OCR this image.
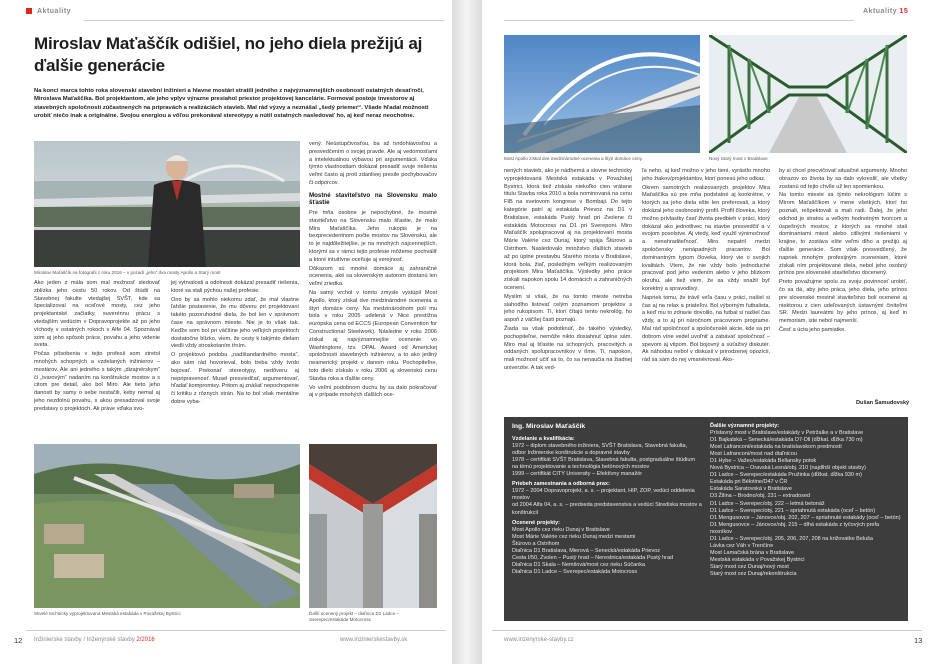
Aktuality	Aktuality 15
Miroslav Maťaščík odišiel, no jeho diela prežijú aj ďalšie generácie
Na konci marca tohto roka slovenskí stavební inžinieri a hlavne mostári stratili jedného z najvýznamnejších osobností ostatných desaťročí, Miroslava Maťaščíka. Bol projektantom, ale jeho vplyv výrazne presiahol priestor projektovej kancelárie. Formoval postoje investorov aj stavebných spoločností zúčastnených na prípravách a realizáciách stavieb. Mal rád výzvy a neznášal „šedý priemer“. Všade hľadal možnosti urobiť niečo inak a originálne. Svojou energiou a vôľou prekonával stereotypy a nútil ostatných nasledovať ho, aj keď neraz neochotne.
Miroslav Maťaščík na fotografii z roku 2016 – v pozadí „jeho“ dva mosty Apollo a Starý most

Ako jeden z mála som mal možnosť sledovať zblízka jeho cestu 50 rokov. Od štúdií na Stavebnej fakulte vtedajšej SVŠT, kde sa špecializoval na oceľové mosty, cez jeho projektantské začiatky, suverénnu prácu s vtedajším vedúcim v Dopravoprojekte až po jeho víchody v ostatných rokoch v Alfe 04. Spoznával som aj jeho spôsob práce, povahu a jeho videnie sveta.

Počas pôsobenia v tejto profesii som stretol mnohých schopných a vzdelaných inžinierov – mostárov. Ale ani jedného s takým „dizajnérskym“ či „tvarovým“ nadaním na konštrukcie mostov a s citom pre detail, ako bol Miro. Ale tieto jeho danosti by samy o sebe nestačili, keby nemal aj jeho nezdolnú povahu, s akou presadzoval svoje predstavy o projektoch. Ak práve vďaka svo-

jej vytrvalosti a odolnosti dokázal presadiť riešenia, ktoré sa stali pýchou našej profesie.

Ono by sa mohlo niekomu zdať, že mal vlastne ľahšie postavenie, že mu dôveru pri projektovaní takéto pozoruhodné diela, že bol len v správnom čase na správnom mieste. Nie je to však tak. Keďže som bol pri väčšine jeho veľkých projektoch dostatočne blízko, viem, že cesty k takýmto dielam viedli vždy stroskotaním tŕním.

O projektovú podobu „nadštandardného mosta“, ako sám rád hovorieval, bolo treba vždy tvrdo bojovať. Prekonať stereotypy, nedôveru aj nepripravenosť. Musel presviedčať, argumentovať, hľadať kompromisy. Pritom aj znášať nepochopenie či kritiku z rôznych strán. Na to bol však mentálne dobre vyba-

vený. Neústupčivosťou, ba až tvrdohlavosťou a presvedčením o svojej pravde. Ale aj vedomosťami a intelektuálnou výbavou pri argumentácii. Vďaka týmto vlastnostiam dokázal presadiť svoje riešenia veľmi často aj proti zdanlivej presile pochybovačov či odporcov.

Mostné staviteľstvo na Slovensku malo šťastie

Pre mňa osobne je nepochybné, že mostné staviteľstvo na Slovensku malo šťastie, že malo Mira Maťaščíka. Jeho rukopis je na bezprecedentnom počte mostov na Slovensku, ale to je najdôležitejšie, je na mnohých najcennejších, ktorými sa v rámci tejto profesie môžeme pochváliť a ktoré intuitívne oceňuje aj verejnosť.

Dôkazom sú mnohé domáce aj zahraničné ocenenia, aké sa slovenským autorom dostanú len veľmi zriedka.

Na samý vrchol v tomto zmysle vystúpil Most Apollo, ktorý získal dve medzinárodné ocenenia a štyri domáce ceny. Na medzinárodnom poli mu bola v roku 2005 udelená v Nice prestížna európska cena od ECCS (European Convention for Constructional Steelwork). Následne v roku 2006 získal aj najvýznamnejšie ocenenie vo Washingtone, tzv. OPAL Award od Americkej spoločnosti stavebných inžinierov, a to ako jediný neamerický projekt v danom roku. Pochopiteľne, toto dielo získalo v roku 2006 aj slovenskú cenu Stavba roka a ďalšie ceny.

Vo veľmi podobnom duchu by sa dalo pokračovať aj v prípade mnohých ďalších oce-

Skvelé technicky vyprojektovaná Mestská estakáda v Považskej Bystrici	Ďalší ocenený projekt – diaľnica D1 Ladce – Sverepec/estakáda Motocross
Most Apollo získal dve medzinárodné ocenenia a štyri domáce ceny.	Nový Starý most v Bratislave

nených stavieb, ako je nádherná a slovne technicky vyprojektovaná Mestská estakáda v Považskej Bystrici, ktorá tiež získala niekoľko cien vrátane titulu Stavba roka 2010 a bola nominovaná na cenu FIB na svetovom kongrese v Bombaji. Do tejto kategórie patrí aj estakáda Prievoz na D1 v Bratislave, estakáda Pustý hrad pri Zvolene či estakáda Motocross na D1 pri Svereponi. Miro Maťaščík spolupracoval aj na projektovaní mosta Márie Valérie cez Dunaj, ktorý spája Štúrovo a Ostrihom. Nasledovalo množstvo ďalších stavieb až po úplne prestavbu Starého mosta v Bratislave, ktorá bola, žiaľ, posledným veľkým realizovaným projektom Mira Maťaščíka. Výsledky jeho práce získali napokon spolu 14 domácich a zahraničných ocenení.

Myslím si však, že na tomto mieste netreba siahodlho listovať celým zoznamom projektov s jeho rukopisom. Ti, ktorí čítajú tento nekrológ, ho aspoň z väčšej časti poznajú.

Žiada sa však podotknúť, že takého výsledky, pochopiteľne, nemôže nikto dosiahnuť úplne sám. Miro mal aj šťastie na schopných, pracovitých a oddaných spolupracovníkov v tíme. Ti, napokon, mali možnosť učiť sa to, čo sa nenaučia na žiadnej univerzite. A tak ved-

ľa neho, aj keď možno v jeho tieni, vyrástlo mnoho jeho žiakov/projektantov, ktorí ponesú jeho odkaz.

Okrem samotných realizovaných projektov Mira Maťaščíka sú pre mňa podstatné aj konkrétne, v ktorých sa jeho diela ešte len preferovali, a ktorý dokázal jeho osobnostný profil. Profil človeka, ktorý možno prívlastky časť života predbieh v práci, ktorý dokázal ako jednotlivec na stavbe presvedčiť a v svojom posolstve. Aj vtedy, keď využil výnimočnosť a nenahraditeľnosť. Miro nepatril medzi spoločensky nenápadných pracantov. Bol dominantným typom človeka, ktorý vie o svojich kvalitách. Vtem, že nie vždy bolo jednoduché pracovať pod jeho vedením alebo v jeho blízkom okruhu, ale tiež viem, že sa vždy snažil byť korektný a spravodlivý.

Napriek tomu, že trávil veľa času v práci, našiel si čas aj na relax a priateľov. Bol výborným futbalista, a keď mu to zdravie dovolilo, na futbal si našiel čas vždy, a to aj pri náročnom pracovnom programe. Mal rád spoločnosť a spoločenské akcie, kde sa pri dobrom víne vedel uvoľniť a zabávať spoločnosť – spevom aj vtipom. Bol bojovný a súťaživý diskutér. Ak náhodou nebol v diskusii v prirodzenej opozícii, rád sa sám do nej vmanévroval. Ako-

by si chcel precvičovať situačné argumenty. Mnoho obrazov zo života by sa dalo vykresliť, ale všetky zostanú od tejto chvíle už len spomienkou.

Na tomto mieste sa týmto nekrológom lúčim s Mirom Maťaščíkom v mene všetkých, ktorí ho poznali, rešpektovali a mali radi. Ďalej, že jeho odchod je stratou a veľkým hodnotným tvorcom a úspešných mostov, z ktorých sa mnohé stali dominantami miest alebo citlivými riešeniami v krajine, to zostáva ešte veľmi dlho a prežijú aj ďalšie generácie. Som však presvedčený, že napriek mnohým profesijným oceneniam, ktoré získali ním projektované diela, nebol jeho osobný prínos pre slovenské staviteľstvo docenený.

Preto považujme spolu za svoju povinnosť urobiť, čo sa dá, aby jeho práca, jeho diela, jeho prínos pre slovenské mostné staviteľstvo boli ocenené aj niektorou z cien udeľovaných ústavnými činiteľmi SR. Medzi laureátmi by jeho prínos, aj keď in memoriam, iste nebol najmenší.

Česť a úcta jeho pamiatke.

Dušan Šamudovský
Ing. Miroslav Maťaščík
Vzdelanie a kvalifikácia:
1972 – diplom stavebného inžiniera, SVŠT Bratislava, Stavebná fakulta, odbor Inžinierske konštrukcie a dopravné stavby
1978 – certifikát SVŠT Bratislava, Stavebná fakulta, postgraduálne štúdium na témú projektovanie a technológia betónových mostov
1999 – certifikát CITY University – Efektívny manažér
Priebeh zamestnania a odborná prax:
1972 – 2004 Dopravoprojekt, a. s. – projektant, HIP, ZOP, vedúci oddelenia mostov
od 2004 Alfa 04, a. s. – predseda predstavenstva a vedúci Strediska mostov a konštrukcií
Ocenené projekty:
Most Apollo cez rieku Dunaj v Bratislave
Most Márie Valérie cez rieku Dunaj medzi mestami
Štúrovo a Ostrihom
Diaľnica D1 Bratislava, Mierová – Senecká/estakáda Prievoz
Cesta I/50, Zvolen – Pustý hrad – Nerestnica/estakáda Pustý hrad
Diaľnica D1 Skala – Nemšová/most cez rieku Súčanka
Diaľnica D1 Ladce – Sverepec/estakáda Motocross
Ďalšie významné projekty:
Prístavný most v Bratislave/estakády v Petržalke a v Bratislave
D1 Bajkalská – Senecká/estakáda D7-Dll (dĺžkat. dĺžka 730 m)
Most Lafranconi/estakáda na bratislavskom predmostí
Most Lafranconi/most nad diaľnicou
D1 Hybe – Važec/estakáda Bellansky potok
Nová Bystrica – Oravská Lesná/obj. 210 (najdlhší objekt stavby)
D1 Ladce – Sverepec/estakáda Pružinka (dĺžkat. dĺžka 930 m)
Estakáda pri Bélotine/D47 v ČR
Estakáda Saratovská v Bratislave
D3 Žilina – Brodno/obj. 231 – extradosed
D1 Ladce – Sverepec/obj. 222 – letmá betonáž
D1 Ladce – Sverepec/obj. 221 – spriahnutá estakáda (oceľ – betón)
D1 Mengusovce – Jánovce/obj. 202, 207 – spriahnuté estakády (oceľ – betón)
D1 Mengusovce – Jánovce/obj. 215 – dlhá estakáda z tyčových prefa nosníkov
D1 Ladce – Sverepec/obj. 205, 206, 207, 208 na križovatke Beluša
Lávka cez Váh v Trenčíne
Most Lamačská brána v Bratislave
Mestská estakáda v Považskej Bystrici
Starý most cez Dunaj/nový most
Starý most cez Dunaj/rekonštrukcia
12 Inžinierske stavby / Inženýrské stavby 2/2016	www.inzinierskestavby.sk	www.inzenyrske-stavby.cz	13
